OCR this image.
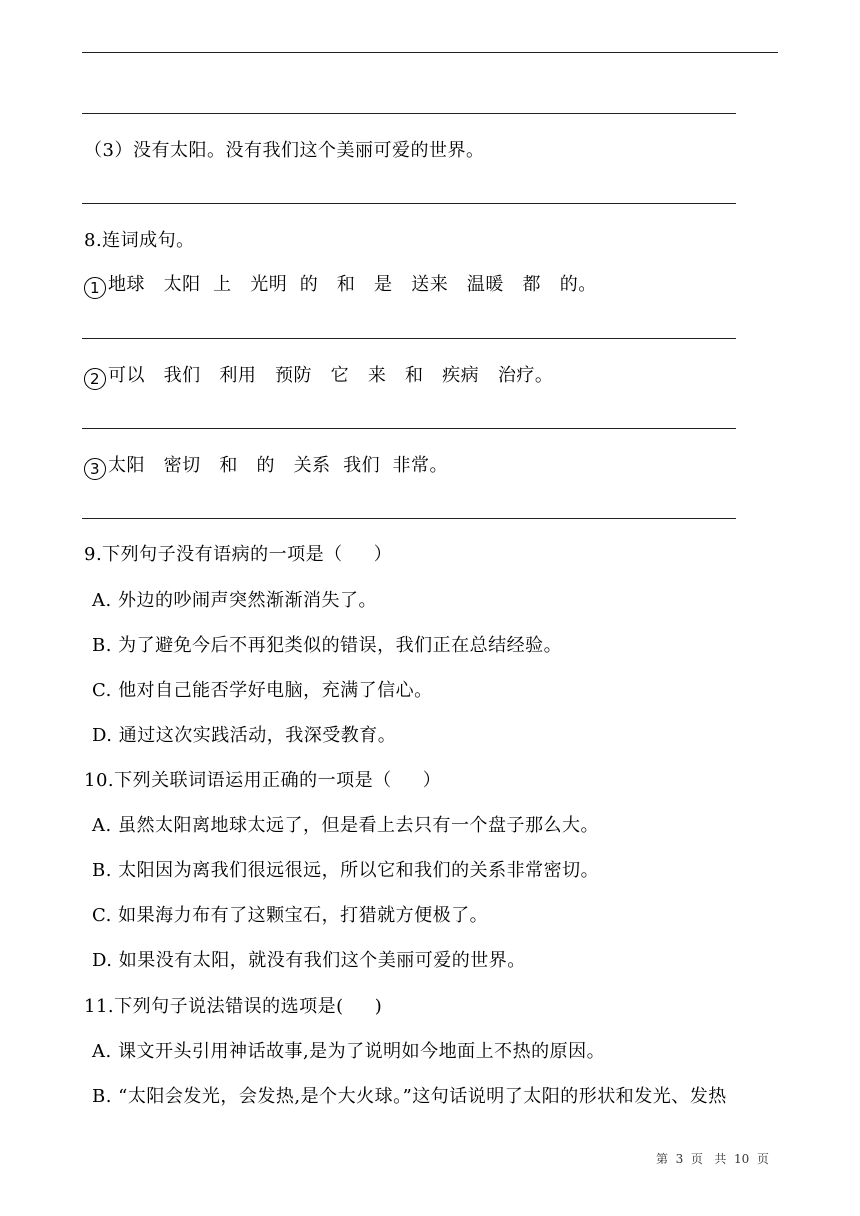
（3）没有太阳。没有我们这个美丽可爱的世界。
8.连词成句。
1 地球   太阳  上   光明  的   和   是   送来   温暖   都   的。
2 可以   我们   利用   预防   它   来   和   疾病   治疗。
3 太阳   密切   和   的   关系  我们  非常。
9.下列句子没有语病的一项是（     ）
A. 外边的吵闹声突然渐渐消失了。
B. 为了避免今后不再犯类似的错误，我们正在总结经验。
C. 他对自己能否学好电脑，充满了信心。
D. 通过这次实践活动，我深受教育。
10.下列关联词语运用正确的一项是（     ）
A. 虽然太阳离地球太远了，但是看上去只有一个盘子那么大。
B. 太阳因为离我们很远很远，所以它和我们的关系非常密切。
C. 如果海力布有了这颗宝石，打猎就方便极了。
D. 如果没有太阳，就没有我们这个美丽可爱的世界。
11.下列句子说法错误的选项是(     )
A. 课文开头引用神话故事,是为了说明如今地面上不热的原因。
B. “太阳会发光，会发热,是个大火球。”这句话说明了太阳的形状和发光、发热
第  3  页   共  10  页
